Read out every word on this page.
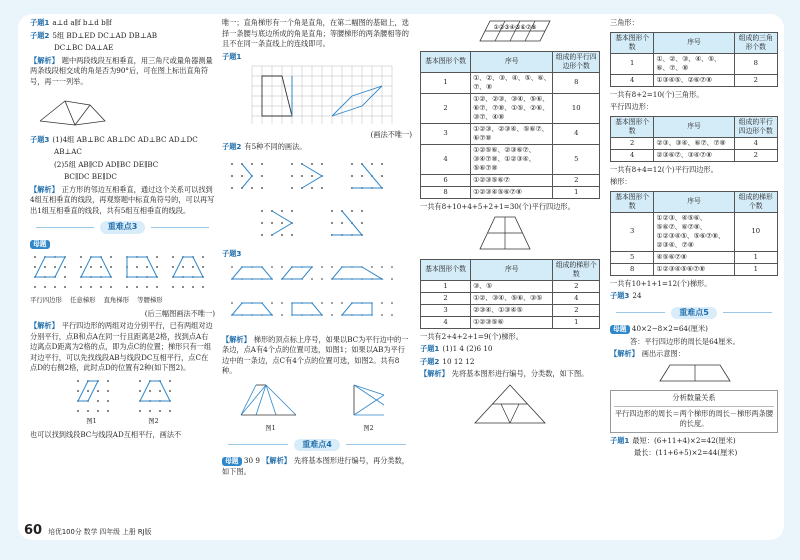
子题1 a⊥d a∥f b⊥d b∥f

子题2 5组 BD⊥ED DC⊥AD DB⊥AB

DC⊥BC DA⊥AE

【解析】 题中两段线段互相垂直，用三角尺或量角器测量两条线段相交成的角是否为90°后，可在图上标出直角符号，再一一列举。

子题3 (1)4组 AB⊥BC AB⊥DC AD⊥BC AD⊥DC

AB⊥AC

(2)5组 AB∥CD AD∥BC DE∥BC

BC∥DC BE∥DC

【解析】 正方形的邻边互相垂直，通过这个关系可以找到4组互相垂直的线段，再观察题中标直角符号的，可以再写出1组互相垂直的线段，共有5组互相垂直的线段。

重难点3

母题

平行四边形 任意梯形 直角梯形 等腰梯形

(后三幅图画法不唯一)

【解析】 平行四边形的两组对边分别平行，已有两组对边分别平行，点B和点A在同一行且距离是2格，找到点A右边离点D距离为2格的点，即为点C的位置；梯形只有一组对边平行，可以先找线段AB与线段DC互相平行，点C在点D的右侧2格，此时点D的位置有2种(如下图2)。

图1	图2

也可以找到线段BC与线段AD互相平行，画法不

唯一；直角梯形有一个角是直角，在第二幅图的基础上，选择一条腰与底边所成的角是直角；等腰梯形的两条腰相等的且不在同一条直线上的连线即可。

子题1

(画法不唯一)

子题2 有5种不同的画法。

子题3

【解析】 梯形的顶点标上序号，如果以BC为平行边中的一条边，点A有4个点的位置可选，如图1；如果以AB为平行边中的一条边，点C有4个点的位置可选，如图2。共有8种。

图1	图2
重难点4

母题 30 9 【解析】 先将基本图形进行编号，再分类数，如下图。

①②③④⑤⑥⑦⑧
基本图形个数	序号	组成的平行四边形个数
1	①、②、③、④、⑤、⑥、⑦、⑧	8
2	①②、②③、③④、⑤⑥、⑥⑦、⑦⑧、①⑤、②⑥、③⑦、④⑧	10
3	①②③、②③④、⑤⑥⑦、⑥⑦⑧	4
4	①②⑤⑥、②③⑥⑦、③④⑦⑧、①②③④、⑤⑥⑦⑧	5
6	①②③⑤⑥⑦	2
8	①②③④⑤⑥⑦⑧	1

一共有8+10+4+5+2+1=30(个)平行四边形。

基本图形个数	序号	组成的梯形个数
1	③、⑤	2
2	①②、③④、⑤⑥、③⑤	4
3	②③④、①③④⑤	2
4	①②③⑤⑥	1

一共有2+4+2+1=9(个)梯形。

子题1 (1)1 4 (2)6 10

子题2 10 12 12

【解析】 先将基本图形进行编号，分类数，如下图。

三角形：

基本图形个数	序号	组成的三角形个数
1	①、②、③、④、⑤、⑥、⑦、⑧	8
4	①③④⑤、②⑥⑦⑧	2

一共有8+2=10(个)三角形。

平行四边形：

基本图形个数	序号	组成的平行四边形个数
2	②③、③④、⑥⑦、⑦⑧	4
4	②③⑥⑦、③④⑦⑧	2

一共有8+4=12(个)平行四边形。

梯形：

基本图形个数	序号	组成的梯形个数
3	①②③、④⑤⑥、⑤⑥⑦、⑥⑦⑧、①②③④⑤、⑤⑥⑦⑧、②③④、⑦⑧	10
5	④⑤⑥⑦⑧	1
8	①②③④⑤⑥⑦⑧	1

一共有10+1+1=12(个)梯形。

子题3 24

重难点5

母题 40×2−8×2=64(厘米)

答：平行四边形的周长是64厘米。

【解析】 画出示意图：

分析数量关系
平行四边形的周长＝两个梯形的周长－梯形两条腰的长度。

子题1 最短：(6+11+4)×2=42(厘米)

最长：(11+6+5)×2=44(厘米)

60 培优100分 数学 四年级 上册 RJ版
